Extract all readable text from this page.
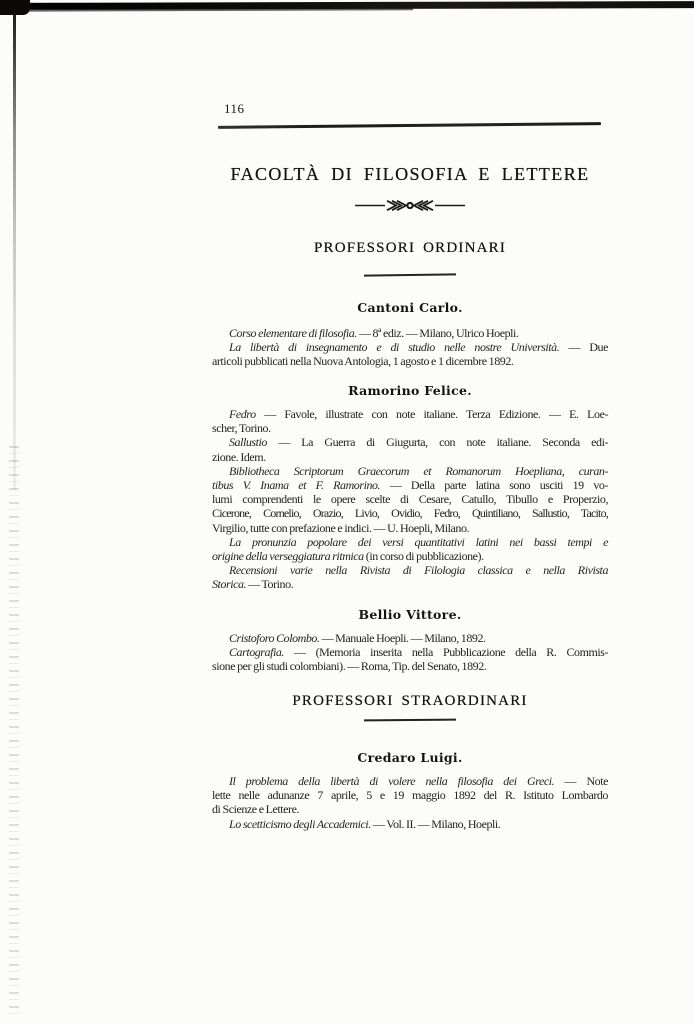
116
FACOLTÀ DI FILOSOFIA E LETTERE
PROFESSORI ORDINARI
Cantoni Carlo.
Corso elementare di filosofia. — 8ª ediz. — Milano, Ulrico Hoepli.
La libertà di insegnamento e di studio nelle nostre Università. — Due
articoli pubblicati nella Nuova Antologia, 1 agosto e 1 dicembre 1892.
Ramorino Felice.
Fedro — Favole, illustrate con note italiane. Terza Edizione. — E. Loe-
scher, Torino.
Sallustio — La Guerra di Giugurta, con note italiane. Seconda edi-
zione. Idem.
Bibliotheca Scriptorum Graecorum et Romanorum Hoepliana, curan-
tibus V. Inama et F. Ramorino. — Della parte latina sono usciti 19 vo-
lumi comprendenti le opere scelte di Cesare, Catullo, Tibullo e Properzio,
Cicerone, Cornelio, Orazio, Livio, Ovidio, Fedro, Quintiliano, Sallustio, Tacito,
Virgilio, tutte con prefazione e indici. — U. Hoepli, Milano.
La pronunzia popolare dei versi quantitativi latini nei bassi tempi e
origine della verseggiatura ritmica (in corso di pubblicazione).
Recensioni varie nella Rivista di Filologia classica e nella Rivista
Storica. — Torino.
Bellio Vittore.
Cristoforo Colombo. — Manuale Hoepli. — Milano, 1892.
Cartografia. — (Memoria inserita nella Pubblicazione della R. Commis-
sione per gli studi colombiani). — Roma, Tip. del Senato, 1892.
PROFESSORI STRAORDINARI
Credaro Luigi.
Il problema della libertà di volere nella filosofia dei Greci. — Note
lette nelle adunanze 7 aprile, 5 e 19 maggio 1892 del R. Istituto Lombardo
di Scienze e Lettere.
Lo scetticismo degli Accademici. — Vol. II. — Milano, Hoepli.
